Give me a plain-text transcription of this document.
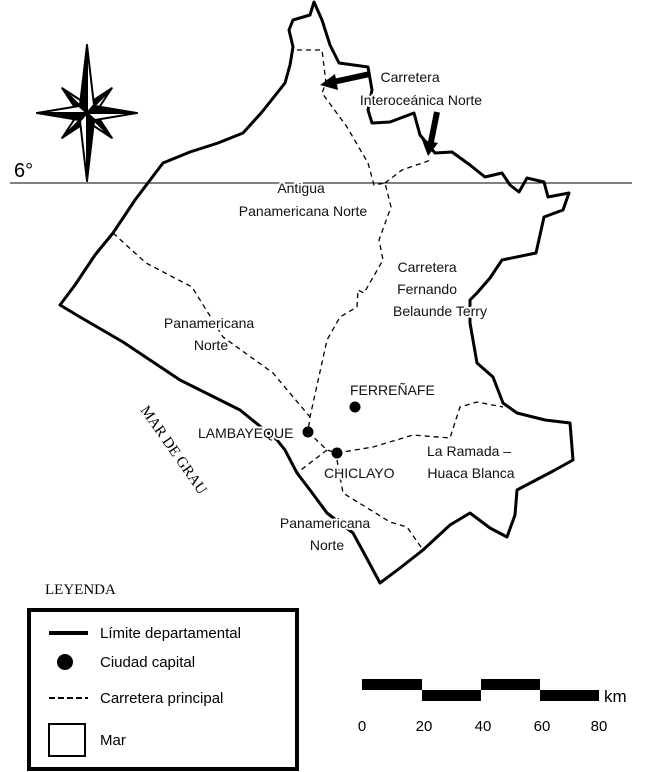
6°
FERREÑAFE
LAMBAYEQUE
CHICLAYO
Carretera Interoceánica Norte
Antigua Panamericana Norte
Carretera Fernando Belaunde Terry
Panamericana Norte
La Ramada – Huaca Blanca
Panamericana Norte
MAR DE GRAU
LEYENDA
Límite departamental
Ciudad capital
Carretera principal
Mar
km
0	20	40	60	80
